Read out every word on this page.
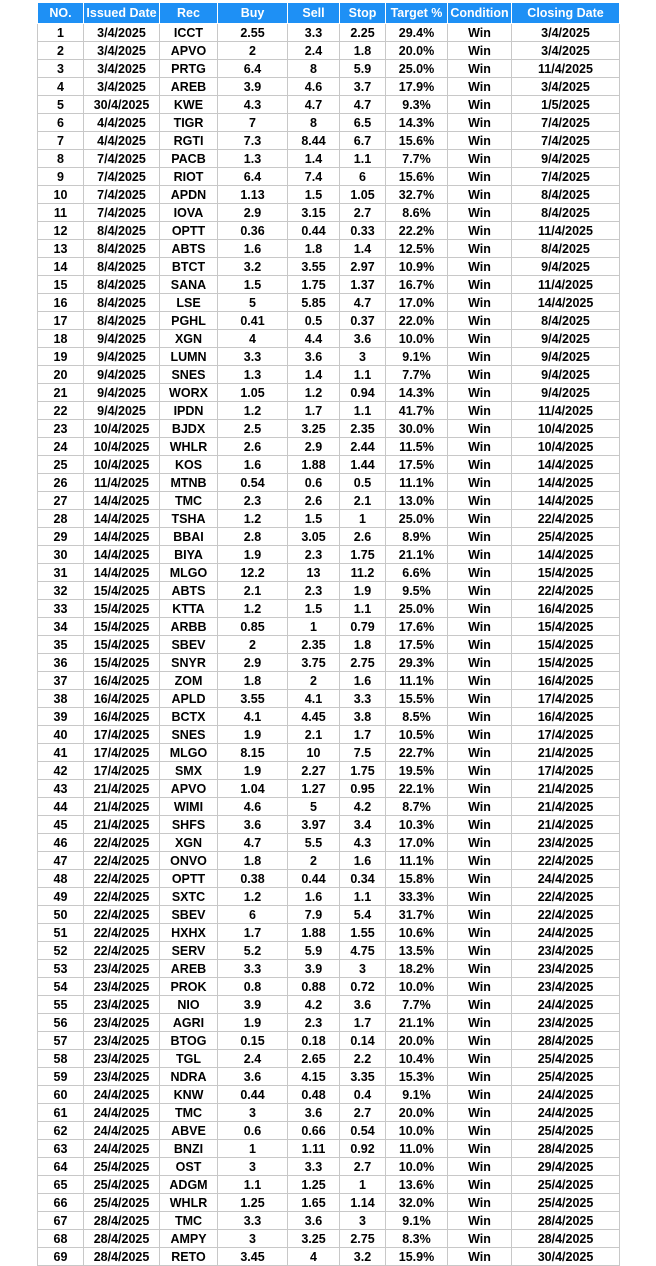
NO.	Issued Date	Rec	Buy	Sell	Stop	Target %	Condition	Closing Date
1	3/4/2025	ICCT	2.55	3.3	2.25	29.4%	Win	3/4/2025
2	3/4/2025	APVO	2	2.4	1.8	20.0%	Win	3/4/2025
3	3/4/2025	PRTG	6.4	8	5.9	25.0%	Win	11/4/2025
4	3/4/2025	AREB	3.9	4.6	3.7	17.9%	Win	3/4/2025
5	30/4/2025	KWE	4.3	4.7	4.7	9.3%	Win	1/5/2025
6	4/4/2025	TIGR	7	8	6.5	14.3%	Win	7/4/2025
7	4/4/2025	RGTI	7.3	8.44	6.7	15.6%	Win	7/4/2025
8	7/4/2025	PACB	1.3	1.4	1.1	7.7%	Win	9/4/2025
9	7/4/2025	RIOT	6.4	7.4	6	15.6%	Win	7/4/2025
10	7/4/2025	APDN	1.13	1.5	1.05	32.7%	Win	8/4/2025
11	7/4/2025	IOVA	2.9	3.15	2.7	8.6%	Win	8/4/2025
12	8/4/2025	OPTT	0.36	0.44	0.33	22.2%	Win	11/4/2025
13	8/4/2025	ABTS	1.6	1.8	1.4	12.5%	Win	8/4/2025
14	8/4/2025	BTCT	3.2	3.55	2.97	10.9%	Win	9/4/2025
15	8/4/2025	SANA	1.5	1.75	1.37	16.7%	Win	11/4/2025
16	8/4/2025	LSE	5	5.85	4.7	17.0%	Win	14/4/2025
17	8/4/2025	PGHL	0.41	0.5	0.37	22.0%	Win	8/4/2025
18	9/4/2025	XGN	4	4.4	3.6	10.0%	Win	9/4/2025
19	9/4/2025	LUMN	3.3	3.6	3	9.1%	Win	9/4/2025
20	9/4/2025	SNES	1.3	1.4	1.1	7.7%	Win	9/4/2025
21	9/4/2025	WORX	1.05	1.2	0.94	14.3%	Win	9/4/2025
22	9/4/2025	IPDN	1.2	1.7	1.1	41.7%	Win	11/4/2025
23	10/4/2025	BJDX	2.5	3.25	2.35	30.0%	Win	10/4/2025
24	10/4/2025	WHLR	2.6	2.9	2.44	11.5%	Win	10/4/2025
25	10/4/2025	KOS	1.6	1.88	1.44	17.5%	Win	14/4/2025
26	11/4/2025	MTNB	0.54	0.6	0.5	11.1%	Win	14/4/2025
27	14/4/2025	TMC	2.3	2.6	2.1	13.0%	Win	14/4/2025
28	14/4/2025	TSHA	1.2	1.5	1	25.0%	Win	22/4/2025
29	14/4/2025	BBAI	2.8	3.05	2.6	8.9%	Win	25/4/2025
30	14/4/2025	BIYA	1.9	2.3	1.75	21.1%	Win	14/4/2025
31	14/4/2025	MLGO	12.2	13	11.2	6.6%	Win	15/4/2025
32	15/4/2025	ABTS	2.1	2.3	1.9	9.5%	Win	22/4/2025
33	15/4/2025	KTTA	1.2	1.5	1.1	25.0%	Win	16/4/2025
34	15/4/2025	ARBB	0.85	1	0.79	17.6%	Win	15/4/2025
35	15/4/2025	SBEV	2	2.35	1.8	17.5%	Win	15/4/2025
36	15/4/2025	SNYR	2.9	3.75	2.75	29.3%	Win	15/4/2025
37	16/4/2025	ZOM	1.8	2	1.6	11.1%	Win	16/4/2025
38	16/4/2025	APLD	3.55	4.1	3.3	15.5%	Win	17/4/2025
39	16/4/2025	BCTX	4.1	4.45	3.8	8.5%	Win	16/4/2025
40	17/4/2025	SNES	1.9	2.1	1.7	10.5%	Win	17/4/2025
41	17/4/2025	MLGO	8.15	10	7.5	22.7%	Win	21/4/2025
42	17/4/2025	SMX	1.9	2.27	1.75	19.5%	Win	17/4/2025
43	21/4/2025	APVO	1.04	1.27	0.95	22.1%	Win	21/4/2025
44	21/4/2025	WIMI	4.6	5	4.2	8.7%	Win	21/4/2025
45	21/4/2025	SHFS	3.6	3.97	3.4	10.3%	Win	21/4/2025
46	22/4/2025	XGN	4.7	5.5	4.3	17.0%	Win	23/4/2025
47	22/4/2025	ONVO	1.8	2	1.6	11.1%	Win	22/4/2025
48	22/4/2025	OPTT	0.38	0.44	0.34	15.8%	Win	24/4/2025
49	22/4/2025	SXTC	1.2	1.6	1.1	33.3%	Win	22/4/2025
50	22/4/2025	SBEV	6	7.9	5.4	31.7%	Win	22/4/2025
51	22/4/2025	HXHX	1.7	1.88	1.55	10.6%	Win	24/4/2025
52	22/4/2025	SERV	5.2	5.9	4.75	13.5%	Win	23/4/2025
53	23/4/2025	AREB	3.3	3.9	3	18.2%	Win	23/4/2025
54	23/4/2025	PROK	0.8	0.88	0.72	10.0%	Win	23/4/2025
55	23/4/2025	NIO	3.9	4.2	3.6	7.7%	Win	24/4/2025
56	23/4/2025	AGRI	1.9	2.3	1.7	21.1%	Win	23/4/2025
57	23/4/2025	BTOG	0.15	0.18	0.14	20.0%	Win	28/4/2025
58	23/4/2025	TGL	2.4	2.65	2.2	10.4%	Win	25/4/2025
59	23/4/2025	NDRA	3.6	4.15	3.35	15.3%	Win	25/4/2025
60	24/4/2025	KNW	0.44	0.48	0.4	9.1%	Win	24/4/2025
61	24/4/2025	TMC	3	3.6	2.7	20.0%	Win	24/4/2025
62	24/4/2025	ABVE	0.6	0.66	0.54	10.0%	Win	25/4/2025
63	24/4/2025	BNZI	1	1.11	0.92	11.0%	Win	28/4/2025
64	25/4/2025	OST	3	3.3	2.7	10.0%	Win	29/4/2025
65	25/4/2025	ADGM	1.1	1.25	1	13.6%	Win	25/4/2025
66	25/4/2025	WHLR	1.25	1.65	1.14	32.0%	Win	25/4/2025
67	28/4/2025	TMC	3.3	3.6	3	9.1%	Win	28/4/2025
68	28/4/2025	AMPY	3	3.25	2.75	8.3%	Win	28/4/2025
69	28/4/2025	RETO	3.45	4	3.2	15.9%	Win	30/4/2025
